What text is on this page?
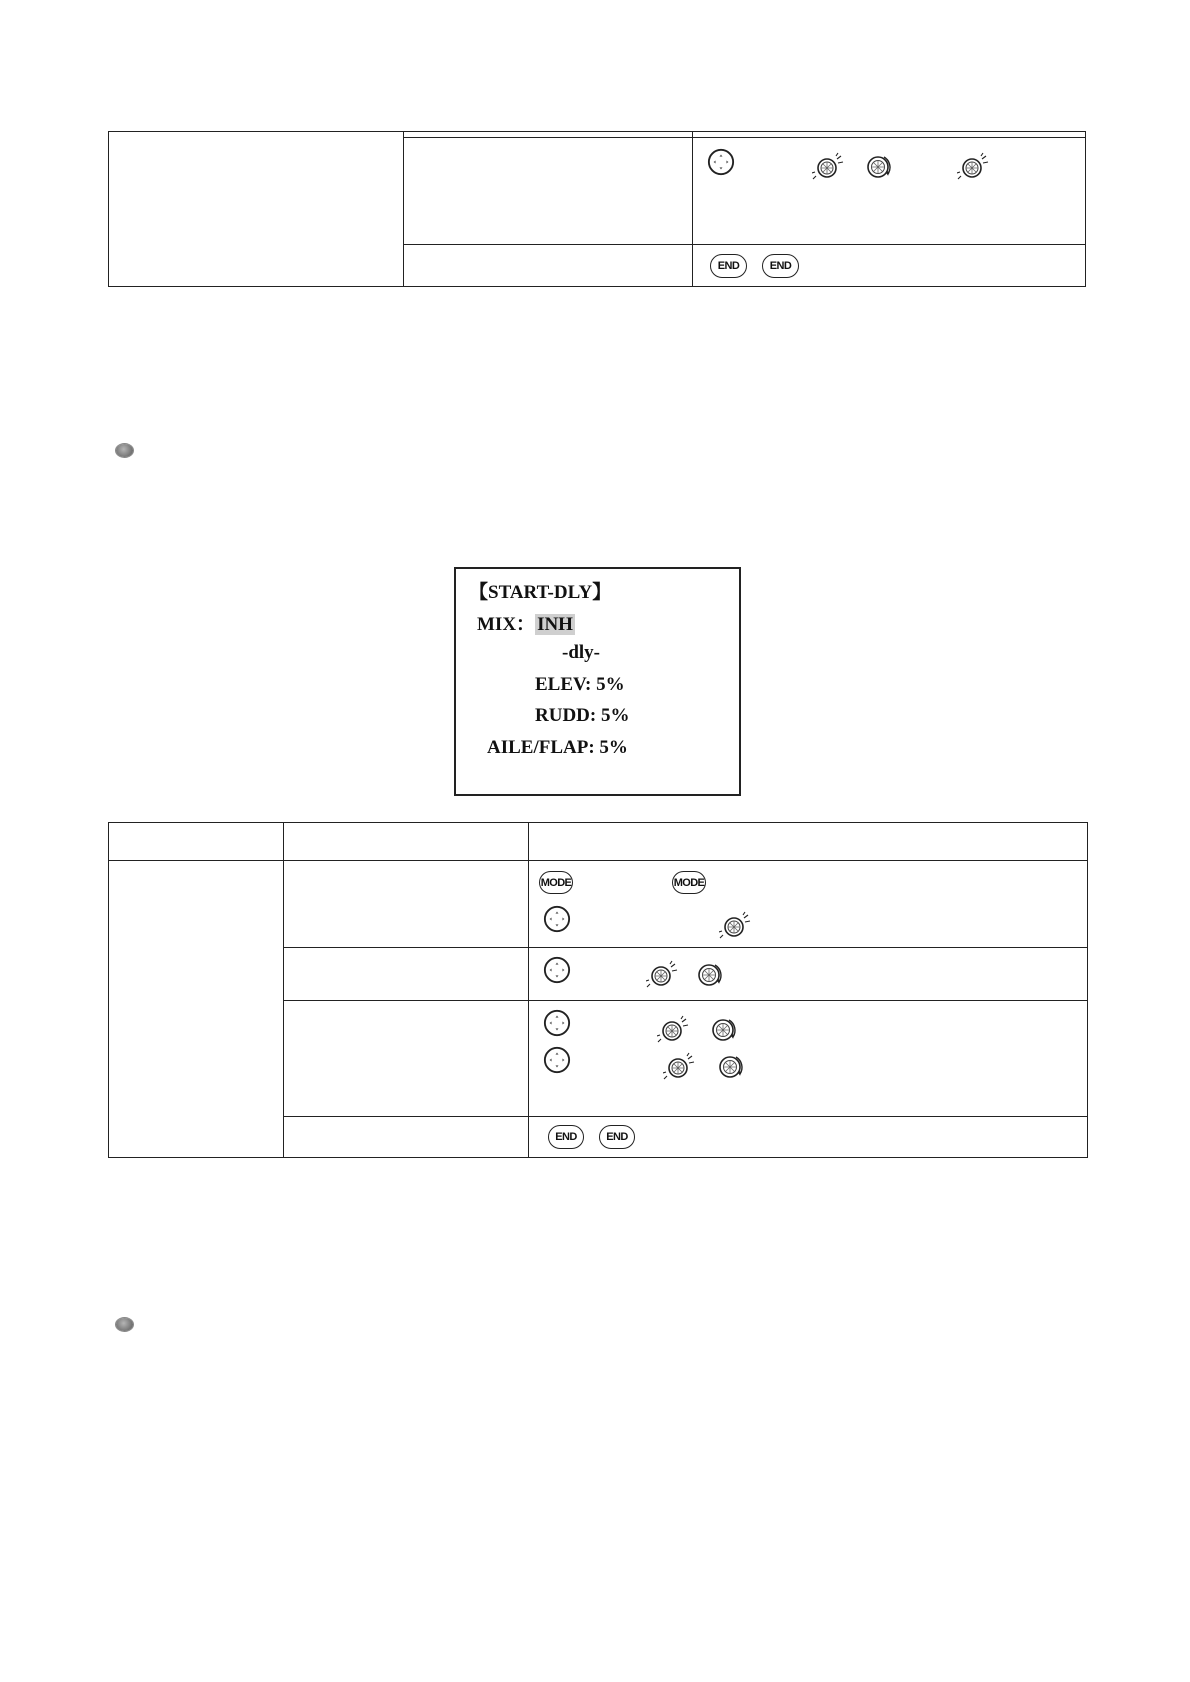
END END
【START-DLY】
MIX： INH
-dly-
ELEV: 5%
RUDD: 5%
AILE/FLAP: 5%

MODE MODE

END END
